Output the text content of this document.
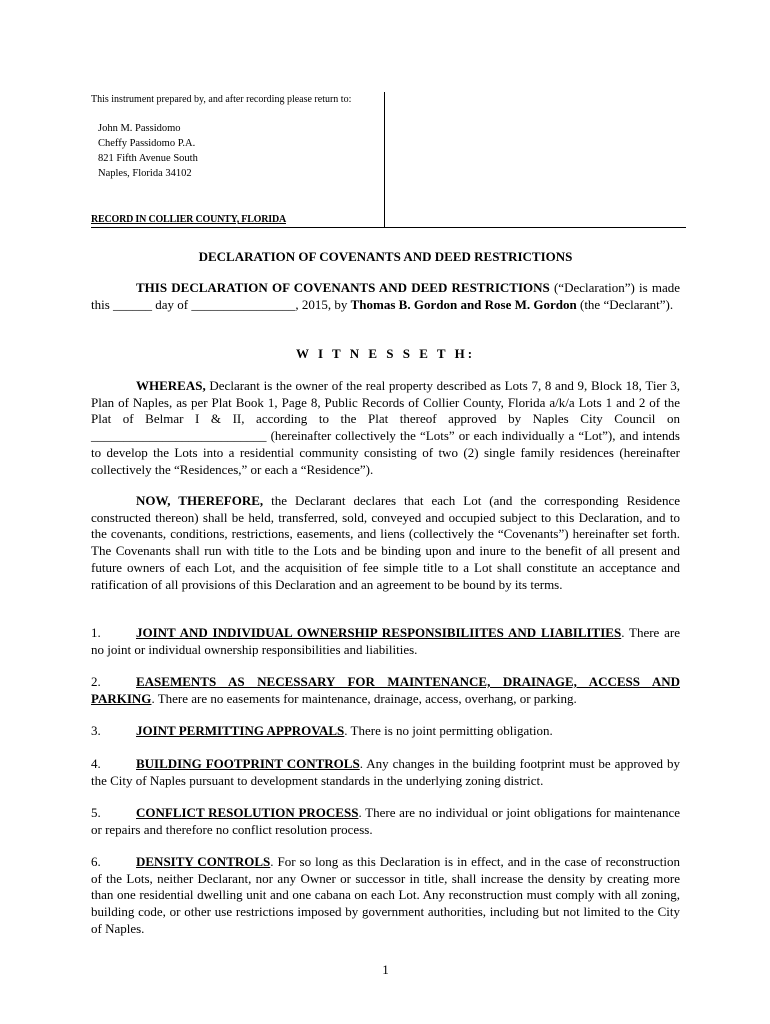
This instrument prepared by, and after recording please return to:
John M. Passidomo
Cheffy Passidomo P.A.
821 Fifth Avenue South
Naples, Florida 34102
RECORD IN COLLIER COUNTY, FLORIDA
DECLARATION OF COVENANTS AND DEED RESTRICTIONS
THIS DECLARATION OF COVENANTS AND DEED RESTRICTIONS (“Declaration”) is made this ______ day of ________________, 2015, by Thomas B. Gordon and Rose M. Gordon (the “Declarant”).
W I T N E S S E T H:
WHEREAS, Declarant is the owner of the real property described as Lots 7, 8 and 9, Block 18, Tier 3, Plan of Naples, as per Plat Book 1, Page 8, Public Records of Collier County, Florida a/k/a Lots 1 and 2 of the Plat of Belmar I & II, according to the Plat thereof approved by Naples City Council on ___________________________ (hereinafter collectively the “Lots” or each individually a “Lot”), and intends to develop the Lots into a residential community consisting of two (2) single family residences (hereinafter collectively the “Residences,” or each a “Residence”).
NOW, THEREFORE, the Declarant declares that each Lot (and the corresponding Residence constructed thereon) shall be held, transferred, sold, conveyed and occupied subject to this Declaration, and to the covenants, conditions, restrictions, easements, and liens (collectively the “Covenants”) hereinafter set forth. The Covenants shall run with title to the Lots and be binding upon and inure to the benefit of all present and future owners of each Lot, and the acquisition of fee simple title to a Lot shall constitute an acceptance and ratification of all provisions of this Declaration and an agreement to be bound by its terms.
1.	JOINT AND INDIVIDUAL OWNERSHIP RESPONSIBILIITES AND LIABILITIES. There are no joint or individual ownership responsibilities and liabilities.
2.	EASEMENTS AS NECESSARY FOR MAINTENANCE, DRAINAGE, ACCESS AND PARKING. There are no easements for maintenance, drainage, access, overhang, or parking.
3.	JOINT PERMITTING APPROVALS. There is no joint permitting obligation.
4.	BUILDING FOOTPRINT CONTROLS. Any changes in the building footprint must be approved by the City of Naples pursuant to development standards in the underlying zoning district.
5.	CONFLICT RESOLUTION PROCESS. There are no individual or joint obligations for maintenance or repairs and therefore no conflict resolution process.
6.	DENSITY CONTROLS. For so long as this Declaration is in effect, and in the case of reconstruction of the Lots, neither Declarant, nor any Owner or successor in title, shall increase the density by creating more than one residential dwelling unit and one cabana on each Lot. Any reconstruction must comply with all zoning, building code, or other use restrictions imposed by government authorities, including but not limited to the City of Naples.
1
